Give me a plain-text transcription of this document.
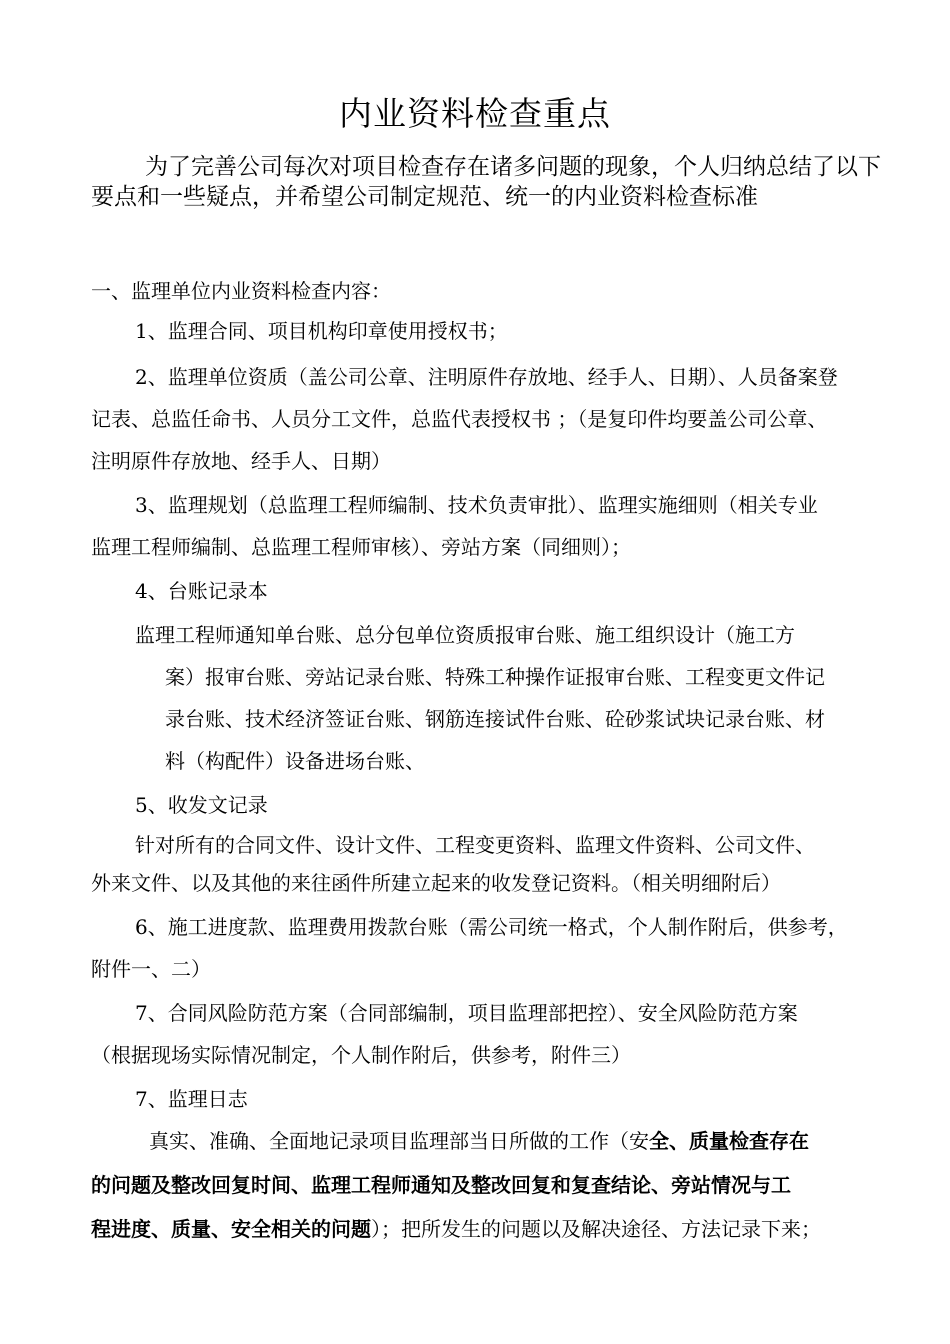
内业资料检查重点
为了完善公司每次对项目检查存在诸多问题的现象，个人归纳总结了以下要点和一些疑点，并希望公司制定规范、统一的内业资料检查标准
一、监理单位内业资料检查内容：
1、监理合同、项目机构印章使用授权书；
2、监理单位资质（盖公司公章、注明原件存放地、经手人、日期）、人员备案登
记表、总监任命书、人员分工文件，总监代表授权书 ；（是复印件均要盖公司公章、
注明原件存放地、经手人、日期）
3、监理规划（总监理工程师编制、技术负责审批）、监理实施细则（相关专业
监理工程师编制、总监理工程师审核）、旁站方案（同细则）；
4、台账记录本
监理工程师通知单台账、总分包单位资质报审台账、施工组织设计（施工方
案）报审台账、旁站记录台账、特殊工种操作证报审台账、工程变更文件记
录台账、技术经济签证台账、钢筋连接试件台账、砼砂浆试块记录台账、材
料（构配件）设备进场台账、
5、收发文记录
针对所有的合同文件、设计文件、工程变更资料、监理文件资料、公司文件、
外来文件、以及其他的来往函件所建立起来的收发登记资料。（相关明细附后）
6、施工进度款、监理费用拨款台账（需公司统一格式，个人制作附后，供参考，
附件一、二）
7、合同风险防范方案（合同部编制，项目监理部把控）、安全风险防范方案
（根据现场实际情况制定，个人制作附后，供参考，附件三）
7、监理日志
真实、准确、全面地记录项目监理部当日所做的工作（安全、质量检查存在
的问题及整改回复时间、监理工程师通知及整改回复和复查结论、旁站情况与工
程进度、质量、安全相关的问题）；把所发生的问题以及解决途径、方法记录下来；
